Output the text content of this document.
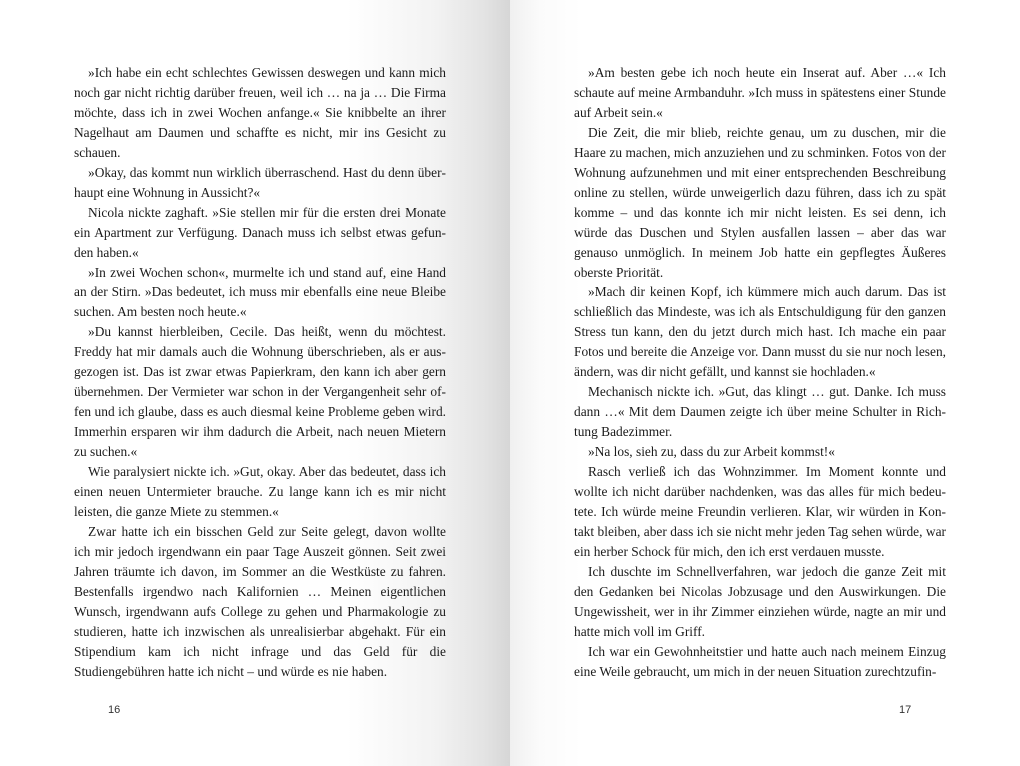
»Ich habe ein echt schlechtes Gewissen deswegen und kann mich noch gar nicht richtig darüber freuen, weil ich … na ja … Die Firma möchte, dass ich in zwei Wochen anfange.« Sie knibbelte an ihrer Nagelhaut am Daumen und schaffte es nicht, mir ins Gesicht zu schauen.

»Okay, das kommt nun wirklich überraschend. Hast du denn überhaupt eine Wohnung in Aussicht?«

Nicola nickte zaghaft. »Sie stellen mir für die ersten drei Monate ein Apartment zur Verfügung. Danach muss ich selbst etwas gefunden haben.«

»In zwei Wochen schon«, murmelte ich und stand auf, eine Hand an der Stirn. »Das bedeutet, ich muss mir ebenfalls eine neue Bleibe suchen. Am besten noch heute.«

»Du kannst hierbleiben, Cecile. Das heißt, wenn du möchtest. Freddy hat mir damals auch die Wohnung überschrieben, als er ausgezogen ist. Das ist zwar etwas Papierkram, den kann ich aber gern übernehmen. Der Vermieter war schon in der Vergangenheit sehr offen und ich glaube, dass es auch diesmal keine Probleme geben wird. Immerhin ersparen wir ihm dadurch die Arbeit, nach neuen Mietern zu suchen.«

Wie paralysiert nickte ich. »Gut, okay. Aber das bedeutet, dass ich einen neuen Untermieter brauche. Zu lange kann ich es mir nicht leisten, die ganze Miete zu stemmen.«

Zwar hatte ich ein bisschen Geld zur Seite gelegt, davon wollte ich mir jedoch irgendwann ein paar Tage Auszeit gönnen. Seit zwei Jahren träumte ich davon, im Sommer an die Westküste zu fahren. Bestenfalls irgendwo nach Kalifornien … Meinen eigentlichen Wunsch, irgendwann aufs College zu gehen und Pharmakologie zu studieren, hatte ich inzwischen als unrealisierbar abgehakt. Für ein Stipendium kam ich nicht infrage und das Geld für die Studiengebühren hatte ich nicht – und würde es nie haben.

16

»Am besten gebe ich noch heute ein Inserat auf. Aber …« Ich schaute auf meine Armbanduhr. »Ich muss in spätestens einer Stunde auf Arbeit sein.«

Die Zeit, die mir blieb, reichte genau, um zu duschen, mir die Haare zu machen, mich anzuziehen und zu schminken. Fotos von der Wohnung aufzunehmen und mit einer entsprechenden Beschreibung online zu stellen, würde unweigerlich dazu führen, dass ich zu spät komme – und das konnte ich mir nicht leisten. Es sei denn, ich würde das Duschen und Stylen ausfallen lassen – aber das war genauso unmöglich. In meinem Job hatte ein gepflegtes Äußeres oberste Priorität.

»Mach dir keinen Kopf, ich kümmere mich auch darum. Das ist schließlich das Mindeste, was ich als Entschuldigung für den ganzen Stress tun kann, den du jetzt durch mich hast. Ich mache ein paar Fotos und bereite die Anzeige vor. Dann musst du sie nur noch lesen, ändern, was dir nicht gefällt, und kannst sie hochladen.«

Mechanisch nickte ich. »Gut, das klingt … gut. Danke. Ich muss dann …« Mit dem Daumen zeigte ich über meine Schulter in Richtung Badezimmer.

»Na los, sieh zu, dass du zur Arbeit kommst!«

Rasch verließ ich das Wohnzimmer. Im Moment konnte und wollte ich nicht darüber nachdenken, was das alles für mich bedeutete. Ich würde meine Freundin verlieren. Klar, wir würden in Kontakt bleiben, aber dass ich sie nicht mehr jeden Tag sehen würde, war ein herber Schock für mich, den ich erst verdauen musste.

Ich duschte im Schnellverfahren, war jedoch die ganze Zeit mit den Gedanken bei Nicolas Jobzusage und den Auswirkungen. Die Ungewissheit, wer in ihr Zimmer einziehen würde, nagte an mir und hatte mich voll im Griff.

Ich war ein Gewohnheitstier und hatte auch nach meinem Einzug eine Weile gebraucht, um mich in der neuen Situation zurechtzufin-

17
